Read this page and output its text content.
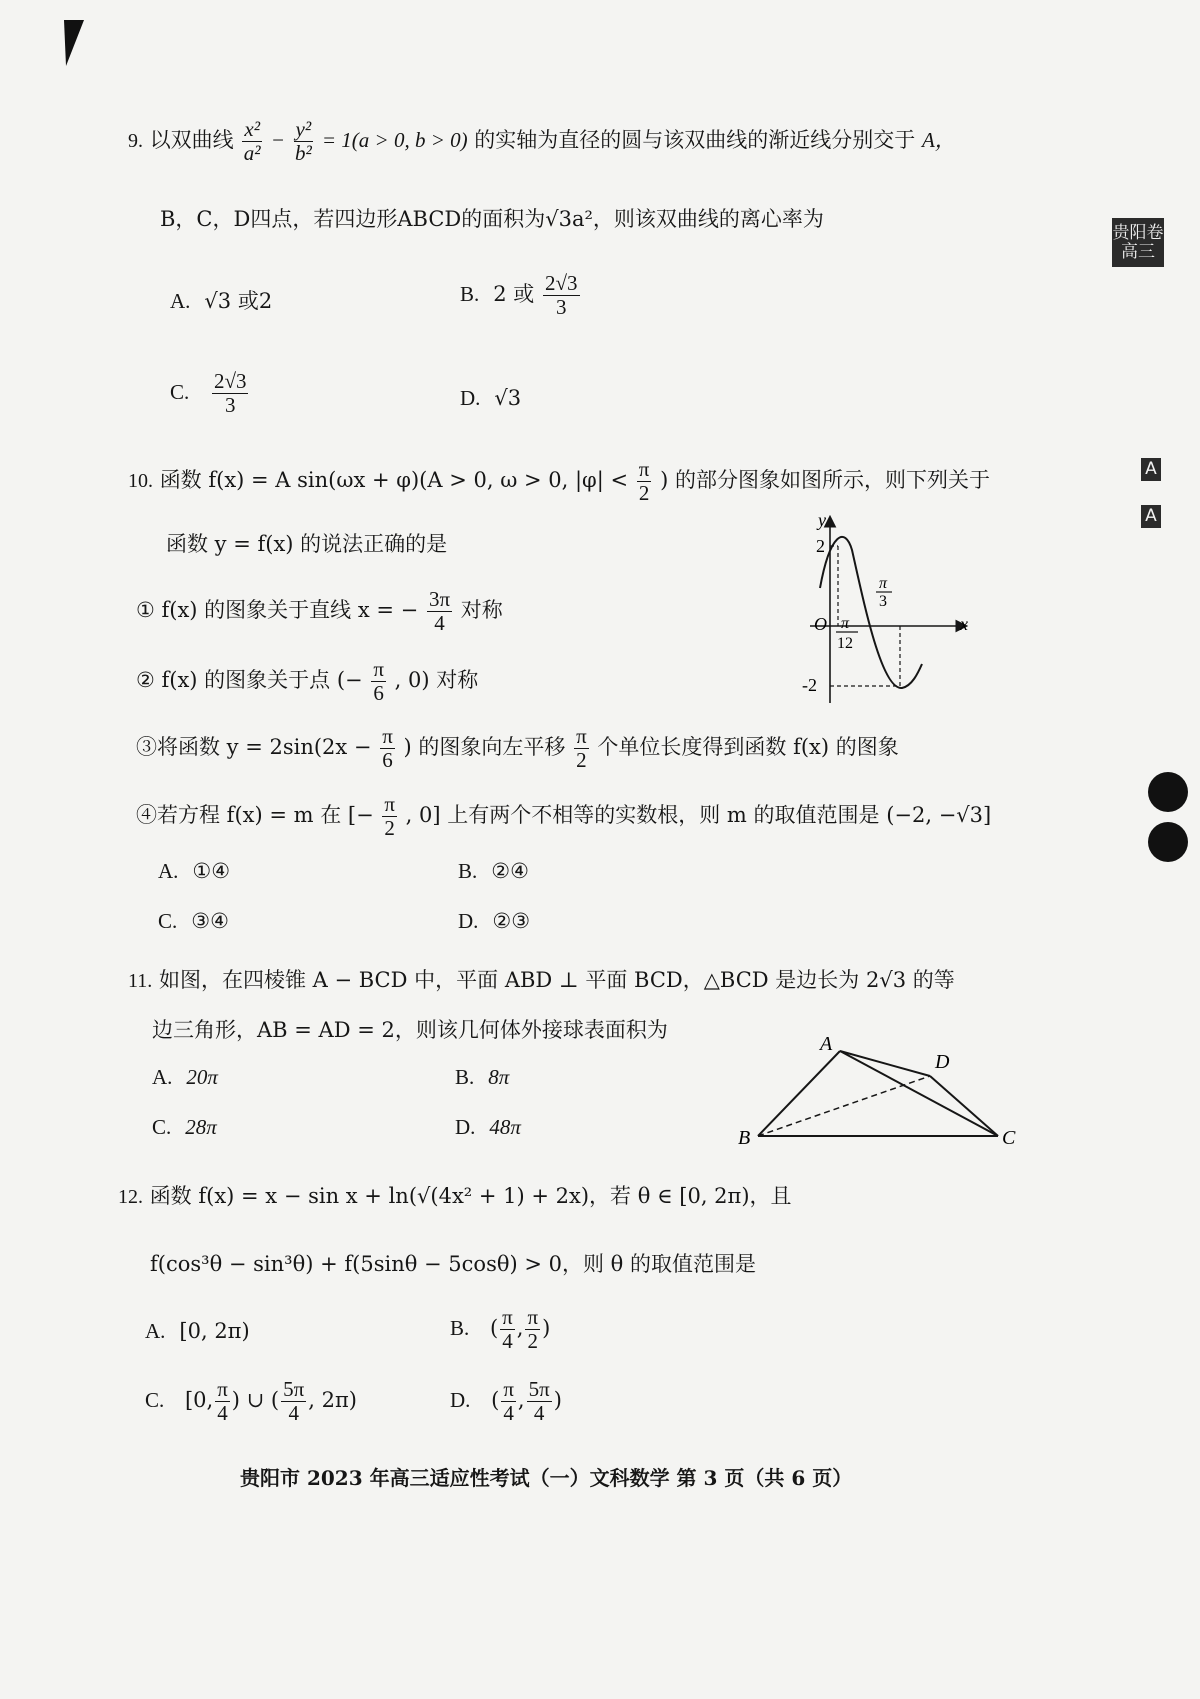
贵阳卷
高三
A
A
9. 以双曲线 $\frac{\text{x²}}{\text{a²}} - \frac{\text{y²}}{\text{b²}} = 1(a > 0$, b > 0) 的实轴为直径的圆与该双曲线的渐近线分别交于 A，
B，C，D四点，若四边形ABCD的面积为√3a²，则该双曲线的离心率为
A. √3 或2	B. 2 或 $\frac{2√3}{3}$
C. $\frac{2√3}{3}$	D. √3
10. 函数 f(x) = A sin(ωx + φ)(A > 0, ω > 0, $|\varphi| < \frac{\pi}{2}$ ) 的部分图象如图所示，则下列关于
函数 y = f(x) 的说法正确的是
① f(x) 的图象关于直线 x = − $\frac{3\pi}{4}$ 对称
② f(x) 的图象关于点 (− $\frac{\pi}{6}$ , 0) 对称
③将函数 $y = 2\sin(2x - \frac{\pi}{6}$ ) 的图象向左平移 $\frac{\pi}{2}$ 个单位长度得到函数 f(x) 的图象
④若方程 f(x) = m 在 [− $\frac{\pi}{2}$ , 0] 上有两个不相等的实数根，则 m 的取值范围是 (−2, −√3]
A. ①④	B. ②④
C. ③④	D. ②③
y
x
O
2
-2
π
3
π
12
11. 如图，在四棱锥 A − BCD 中，平面 ABD ⊥ 平面 BCD，△BCD 是边长为 2√3 的等
边三角形，AB = AD = 2，则该几何体外接球表面积为
A. 20π	B. 8π
C. 28π	D. 48π
A
B	C
D
12. 函数 f(x) = x − sin x + ln(√(4x² + 1) + 2x)，若 θ ∈ [0, 2π)，且
f(cos³θ − sin³θ) + f(5sinθ − 5cosθ) > 0，则 θ 的取值范围是
A. [0, 2π)	B. ( $\frac{\pi}{4}$ , $\frac{\pi}{2}$ )
C. [0, $\frac{\pi}{4}$ ) ∪ ( $\frac{5\pi}{4}$ , 2π)	D. ( $\frac{\pi}{4}$ , $\frac{5\pi}{4}$ )
贵阳市 2023 年高三适应性考试（一）文科数学 第 3 页（共 6 页）
